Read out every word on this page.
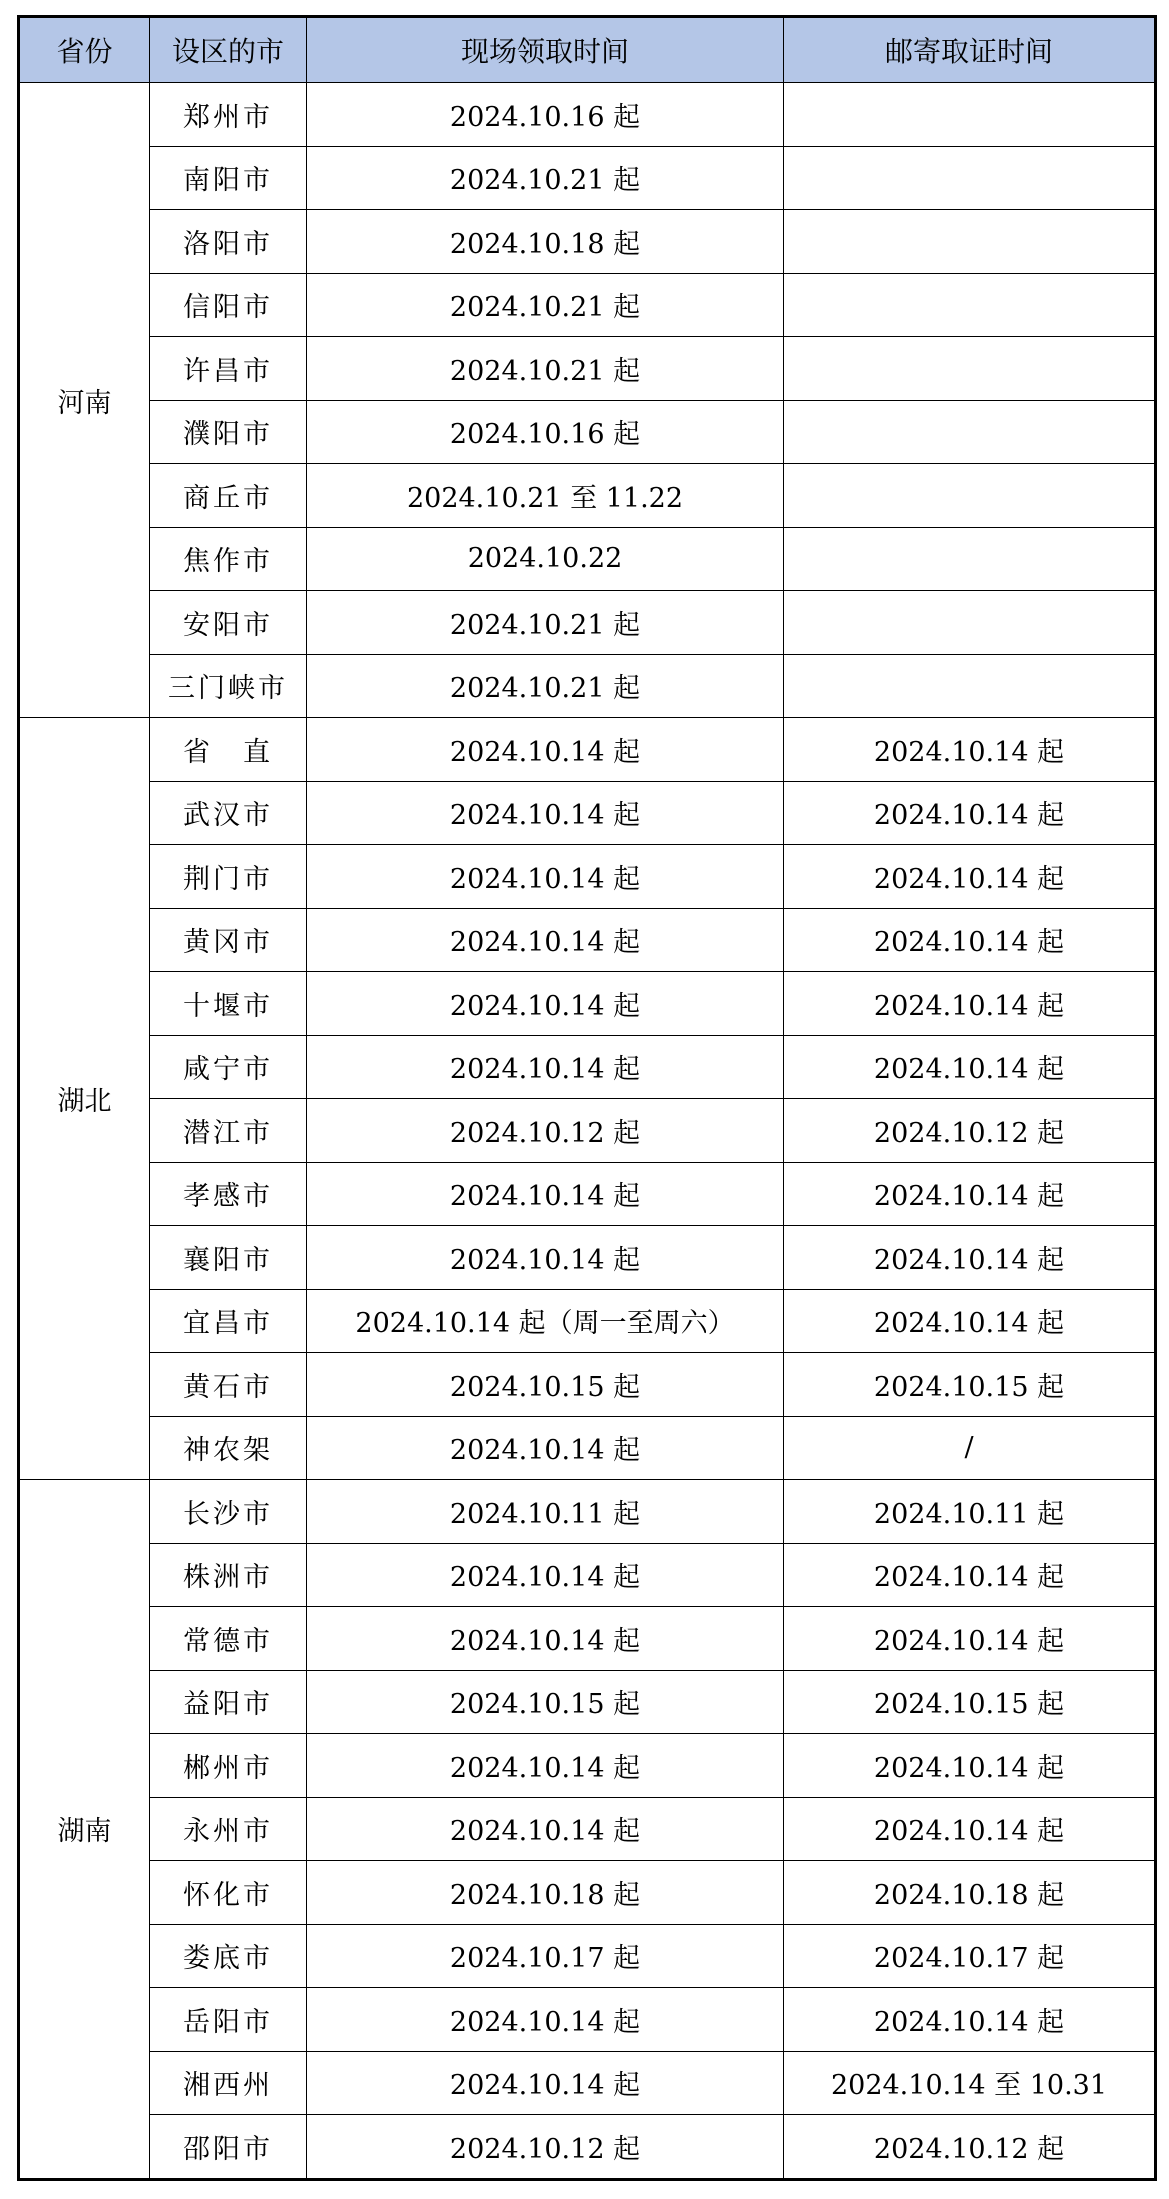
省份	设区的市	现场领取时间	邮寄取证时间
河南	郑州市	2024.10.16 起	
	南阳市	2024.10.21 起	
	洛阳市	2024.10.18 起	
	信阳市	2024.10.21 起	
	许昌市	2024.10.21 起	
	濮阳市	2024.10.16 起	
	商丘市	2024.10.21 至 11.22	
	焦作市	2024.10.22	
	安阳市	2024.10.21 起	
	三门峡市	2024.10.21 起	
湖北	省　直	2024.10.14 起	2024.10.14 起
	武汉市	2024.10.14 起	2024.10.14 起
	荆门市	2024.10.14 起	2024.10.14 起
	黄冈市	2024.10.14 起	2024.10.14 起
	十堰市	2024.10.14 起	2024.10.14 起
	咸宁市	2024.10.14 起	2024.10.14 起
	潜江市	2024.10.12 起	2024.10.12 起
	孝感市	2024.10.14 起	2024.10.14 起
	襄阳市	2024.10.14 起	2024.10.14 起
	宜昌市	2024.10.14 起（周一至周六）	2024.10.14 起
	黄石市	2024.10.15 起	2024.10.15 起
	神农架	2024.10.14 起	/
湖南	长沙市	2024.10.11 起	2024.10.11 起
	株洲市	2024.10.14 起	2024.10.14 起
	常德市	2024.10.14 起	2024.10.14 起
	益阳市	2024.10.15 起	2024.10.15 起
	郴州市	2024.10.14 起	2024.10.14 起
	永州市	2024.10.14 起	2024.10.14 起
	怀化市	2024.10.18 起	2024.10.18 起
	娄底市	2024.10.17 起	2024.10.17 起
	岳阳市	2024.10.14 起	2024.10.14 起
	湘西州	2024.10.14 起	2024.10.14 至 10.31
	邵阳市	2024.10.12 起	2024.10.12 起
